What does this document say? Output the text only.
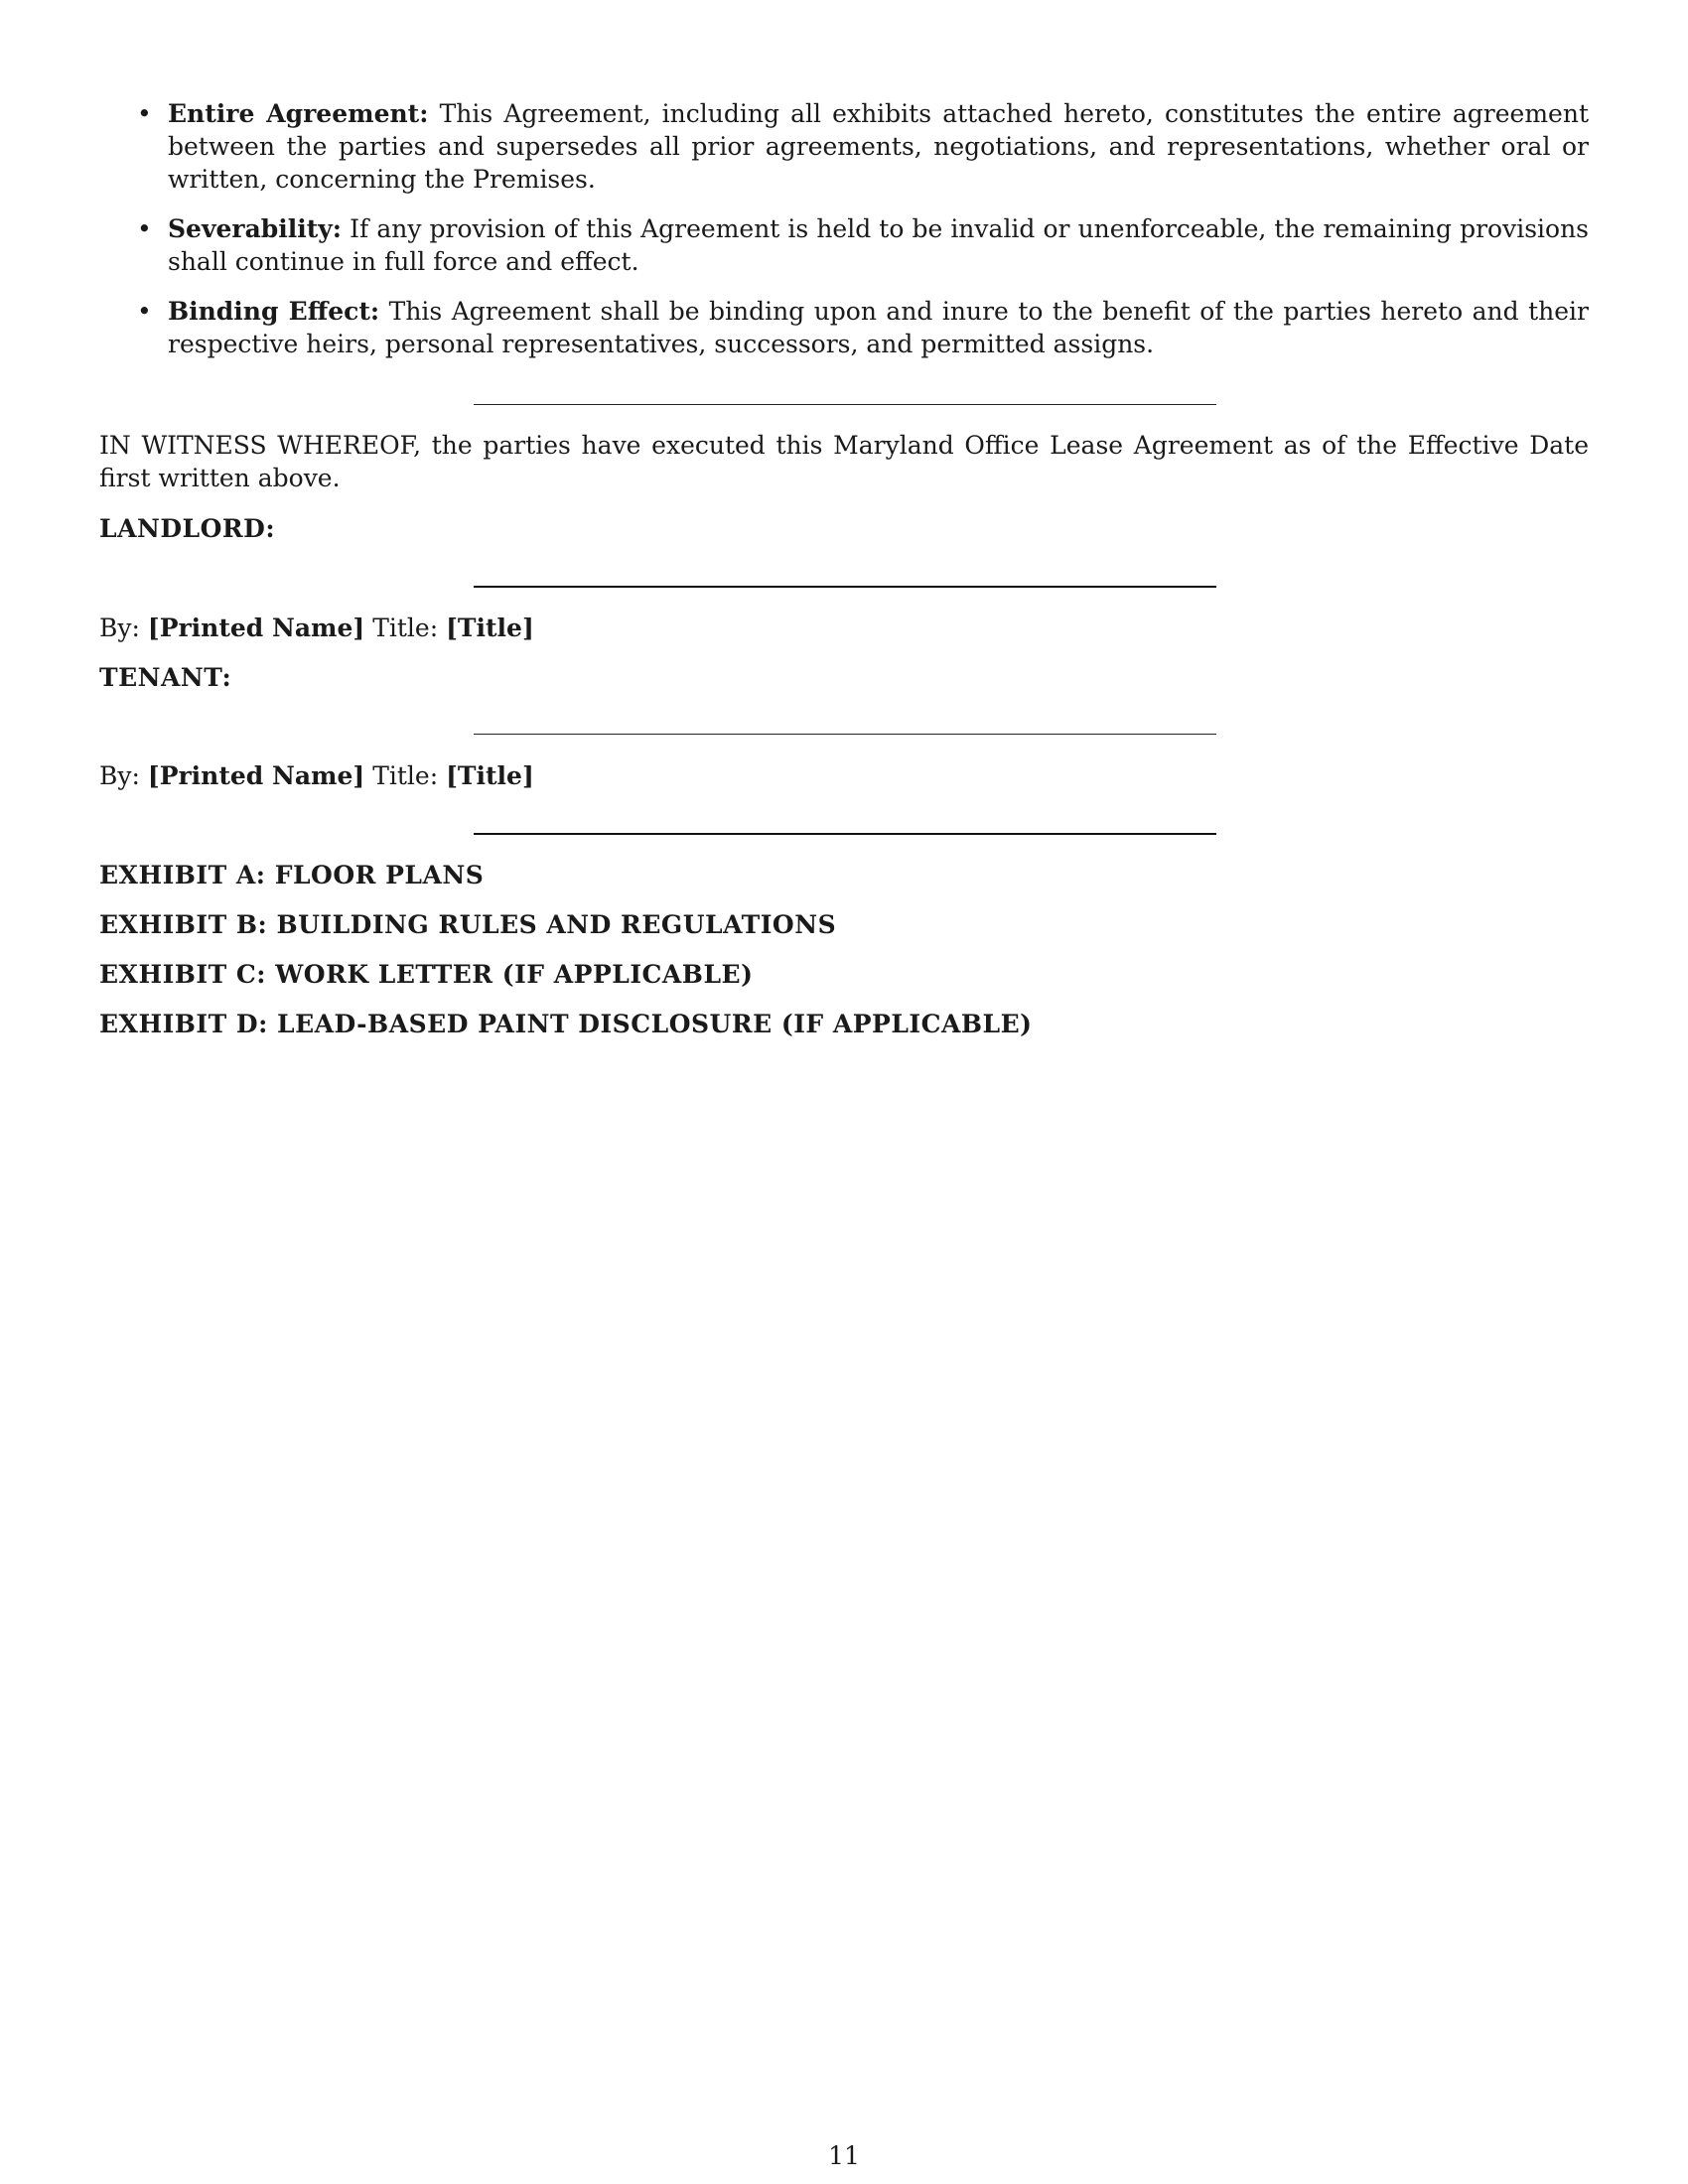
• Entire Agreement: This Agreement, including all exhibits attached hereto, constitutes the entire agreement between the parties and supersedes all prior agreements, negotiations, and representations, whether oral or written, concerning the Premises.
• Severability: If any provision of this Agreement is held to be invalid or unenforceable, the remaining provisions shall continue in full force and effect.
• Binding Effect: This Agreement shall be binding upon and inure to the benefit of the parties hereto and their respective heirs, personal representatives, successors, and permitted assigns.
IN WITNESS WHEREOF, the parties have executed this Maryland Office Lease Agreement as of the Effective Date first written above.
LANDLORD:
By: [Printed Name] Title: [Title]
TENANT:
By: [Printed Name] Title: [Title]
EXHIBIT A: FLOOR PLANS
EXHIBIT B: BUILDING RULES AND REGULATIONS
EXHIBIT C: WORK LETTER (IF APPLICABLE)
EXHIBIT D: LEAD-BASED PAINT DISCLOSURE (IF APPLICABLE)
11
